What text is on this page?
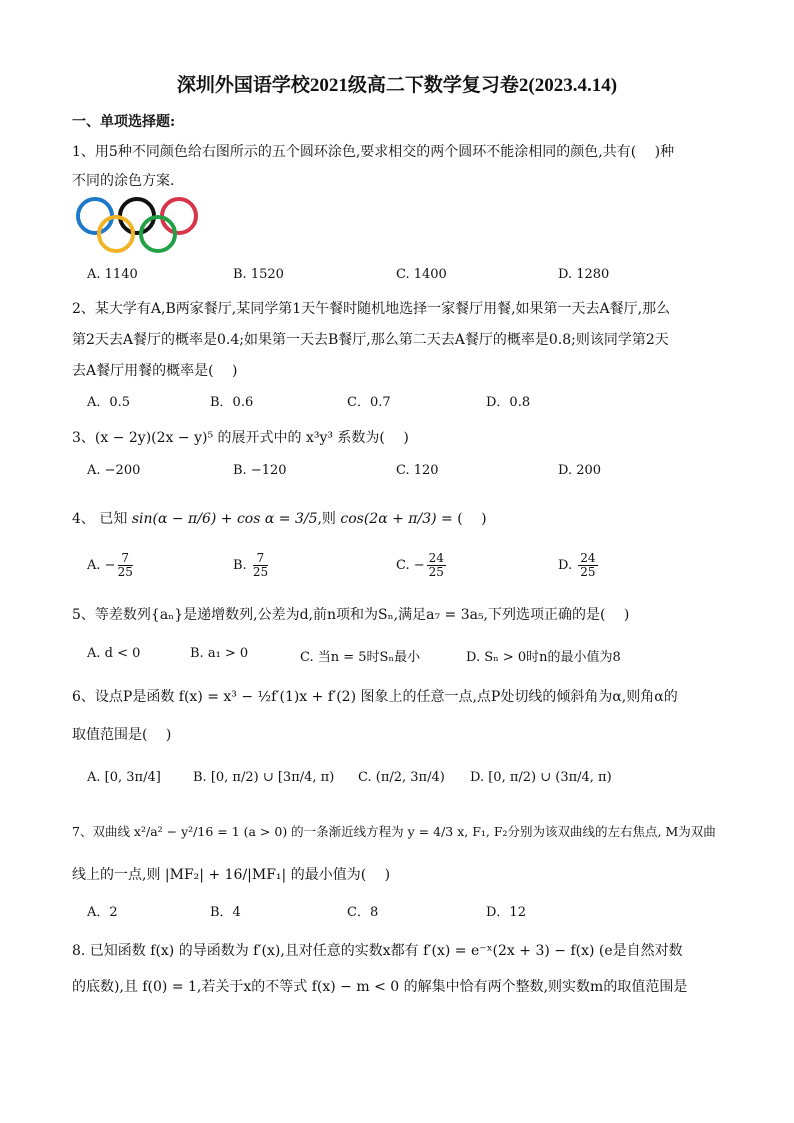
深圳外国语学校2021级高二下数学复习卷2(2023.4.14)
一、单项选择题:
1、用5种不同颜色给右图所示的五个圆环涂色,要求相交的两个圆环不能涂相同的颜色,共有(　 )种
不同的涂色方案.
A. 1140	B. 1520	C. 1400	D. 1280
2、某大学有A,B两家餐厅,某同学第1天午餐时随机地选择一家餐厅用餐,如果第一天去A餐厅,那么
第2天去A餐厅的概率是0.4;如果第一天去B餐厅,那么第二天去A餐厅的概率是0.8;则该同学第2天
去A餐厅用餐的概率是(　 )
A．0.5	B．0.6	C．0.7	D．0.8
3、(x − 2y)(2x − y)⁵ 的展开式中的 x³y³ 系数为(　 )
A. −200	B. −120	C. 120	D. 200
4、 已知 sin(α − π/6) + cos α = 3/5,则 cos(2α + π/3) = (　 )
A. − $\frac{7}{25}$	B. $\frac{7}{25}$	C. − $\frac{24}{25}$	D. $\frac{24}{25}$
5、等差数列{aₙ}是递增数列,公差为d,前n项和为Sₙ,满足a₇ = 3a₅,下列选项正确的是(　 )
A. d < 0	B. a₁ > 0	C. 当n = 5时Sₙ最小	D. Sₙ > 0时n的最小值为8
6、设点P是函数 f(x) = x³ − ½f′(1)x + f′(2) 图象上的任意一点,点P处切线的倾斜角为α,则角α的
取值范围是(　 )
A. [0, 3π/4] B. [0, π/2) ∪ [3π/4, π) C. (π/2, 3π/4) D. [0, π/2) ∪ (3π/4, π)
7、双曲线 x²/a² − y²/16 = 1 (a > 0) 的一条渐近线方程为 y = 4/3 x, F₁, F₂分别为该双曲线的左右焦点, M为双曲
线上的一点,则 |MF₂| + 16/|MF₁| 的最小值为(　 )
A．2	B．4	C．8	D．12
8. 已知函数 f(x) 的导函数为 f′(x),且对任意的实数x都有 f′(x) = e⁻ˣ(2x + 3) − f(x) (e是自然对数
的底数),且 f(0) = 1,若关于x的不等式 f(x) − m < 0 的解集中恰有两个整数,则实数m的取值范围是
